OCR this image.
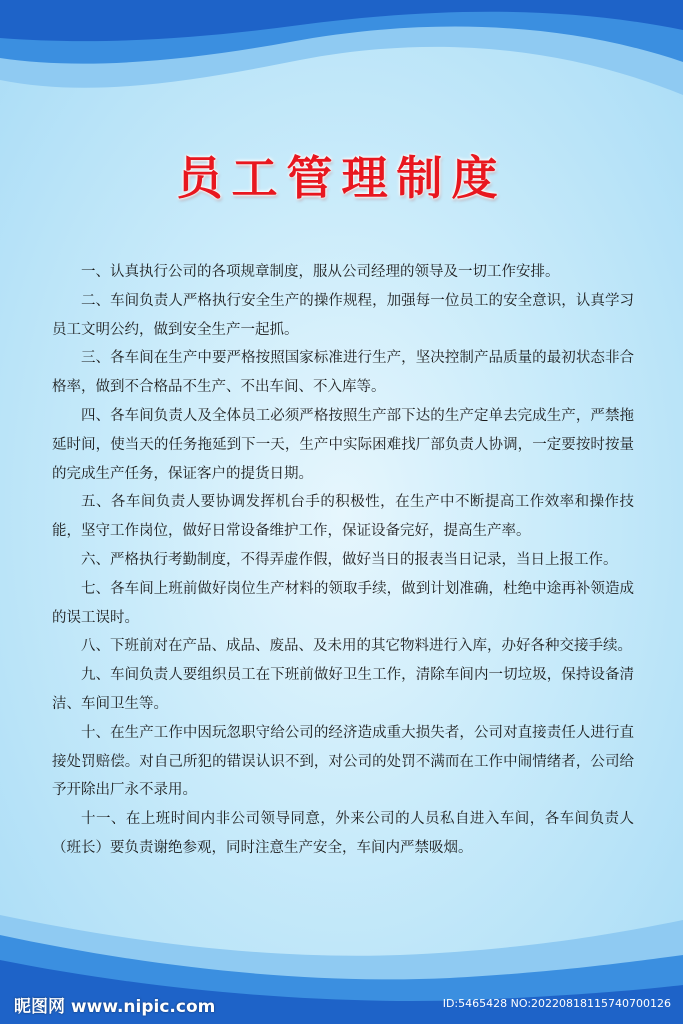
员工管理制度

一、认真执行公司的各项规章制度，服从公司经理的领导及一切工作安排。

二、车间负责人严格执行安全生产的操作规程，加强每一位员工的安全意识，认真学习员工文明公约，做到安全生产一起抓。

三、各车间在生产中要严格按照国家标准进行生产，坚决控制产品质量的最初状态非合格率，做到不合格品不生产、不出车间、不入库等。

四、各车间负责人及全体员工必须严格按照生产部下达的生产定单去完成生产，严禁拖延时间，使当天的任务拖延到下一天，生产中实际困难找厂部负责人协调，一定要按时按量的完成生产任务，保证客户的提货日期。

五、各车间负责人要协调发挥机台手的积极性，在生产中不断提高工作效率和操作技能，坚守工作岗位，做好日常设备维护工作，保证设备完好，提高生产率。

六、严格执行考勤制度，不得弄虚作假，做好当日的报表当日记录，当日上报工作。

七、各车间上班前做好岗位生产材料的领取手续，做到计划准确，杜绝中途再补领造成的误工误时。

八、下班前对在产品、成品、废品、及未用的其它物料进行入库，办好各种交接手续。

九、车间负责人要组织员工在下班前做好卫生工作，清除车间内一切垃圾，保持设备清洁、车间卫生等。

十、在生产工作中因玩忽职守给公司的经济造成重大损失者，公司对直接责任人进行直接处罚赔偿。对自己所犯的错误认识不到，对公司的处罚不满而在工作中闹情绪者，公司给予开除出厂永不录用。

十一、在上班时间内非公司领导同意，外来公司的人员私自进入车间，各车间负责人（班长）要负责谢绝参观，同时注意生产安全，车间内严禁吸烟。

昵图网 www.nipic.com	ID:5465428 NO:20220818115740700126
